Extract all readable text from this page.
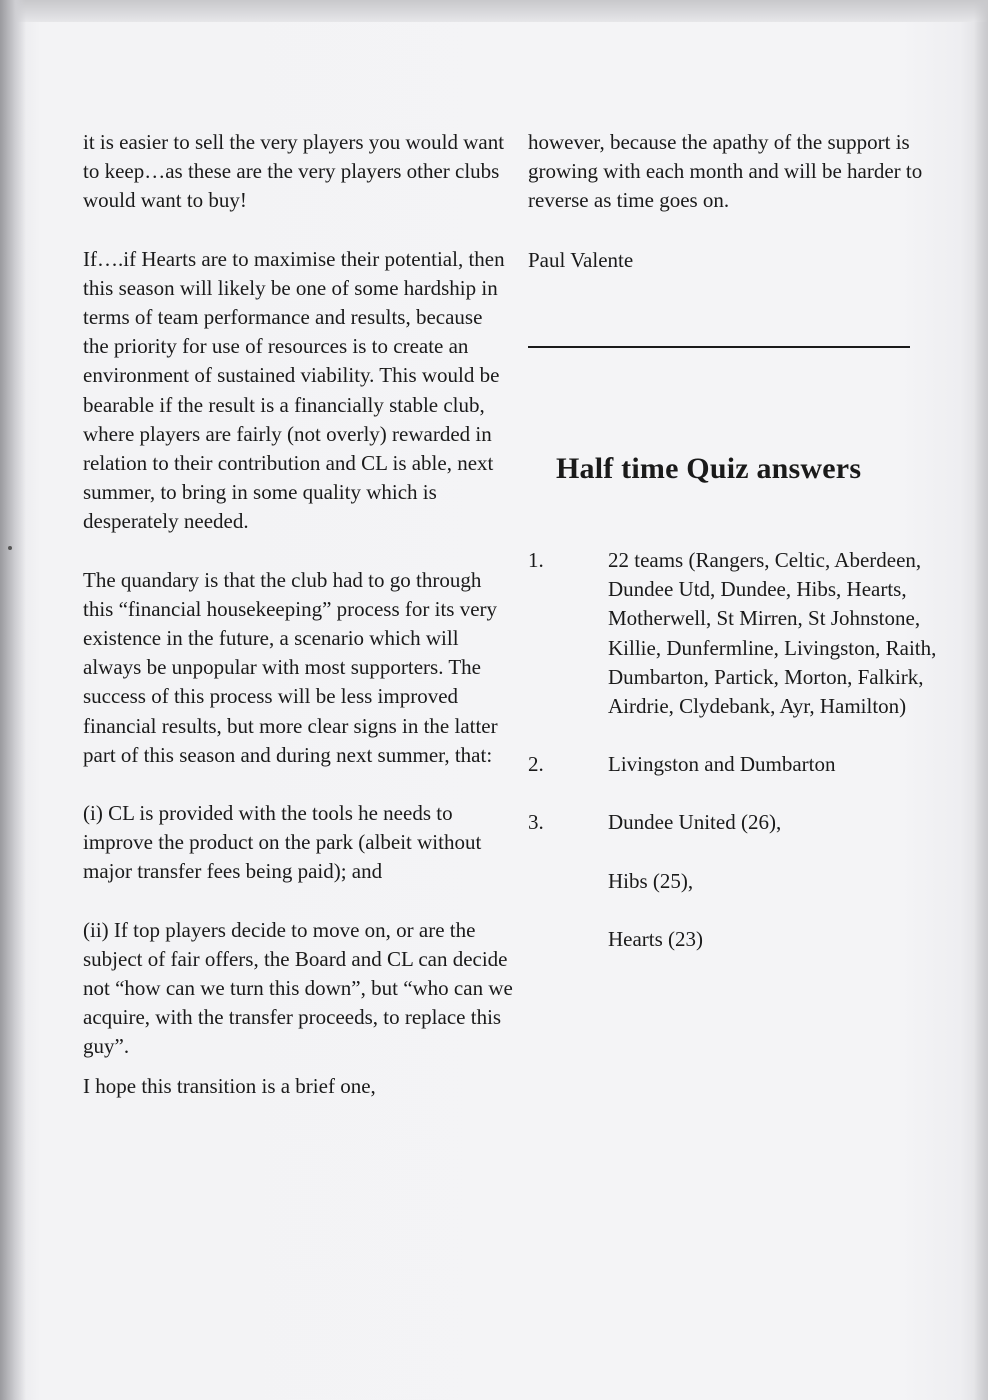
it is easier to sell the very players you would want to keep…as these are the very players other clubs would want to buy!

If….if Hearts are to maximise their potential, then this season will likely be one of some hardship in terms of team performance and results, because the priority for use of resources is to create an environment of sustained viability. This would be bearable if the result is a financially stable club, where players are fairly (not overly) rewarded in relation to their contribution and CL is able, next summer, to bring in some quality which is desperately needed.

The quandary is that the club had to go through this “financial housekeeping” process for its very existence in the future, a scenario which will always be unpopular with most supporters. The success of this process will be less improved financial results, but more clear signs in the latter part of this season and during next summer, that:

(i) CL is provided with the tools he needs to improve the product on the park (albeit without major transfer fees being paid); and

(ii) If top players decide to move on, or are the subject of fair offers, the Board and CL can decide not “how can we turn this down”, but “who can we acquire, with the transfer proceeds, to replace this guy”.

I hope this transition is a brief one,

however, because the apathy of the support is growing with each month and will be harder to reverse as time goes on.

Paul Valente
Half time Quiz answers
1.	22 teams (Rangers, Celtic, Aberdeen, Dundee Utd, Dundee, Hibs, Hearts, Motherwell, St Mirren, St Johnstone, Killie, Dunfermline, Livingston, Raith, Dumbarton, Partick, Morton, Falkirk, Airdrie, Clydebank, Ayr, Hamilton)
2.	Livingston and Dumbarton
3.	Dundee United (26),
Hibs (25),
Hearts (23)
